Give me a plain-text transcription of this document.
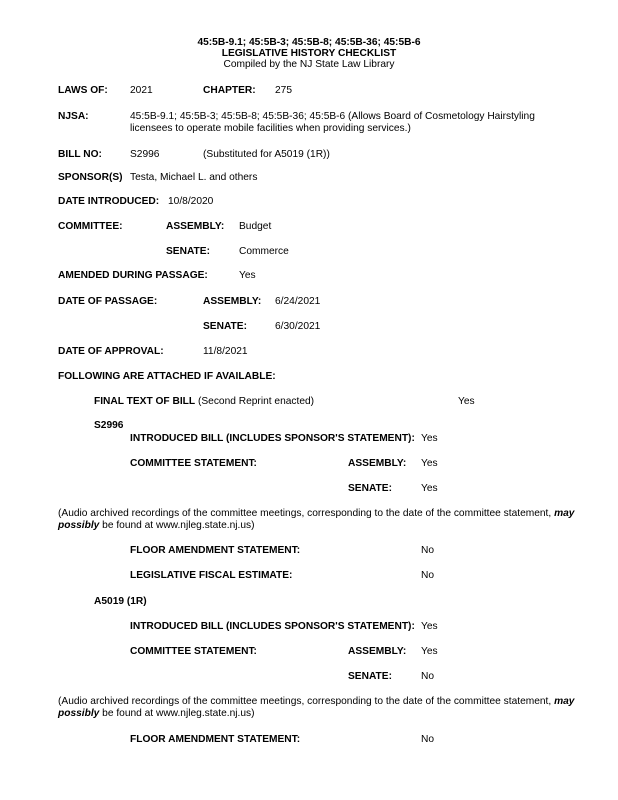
45:5B-9.1; 45:5B-3; 45:5B-8; 45:5B-36; 45:5B-6
LEGISLATIVE HISTORY CHECKLIST
Compiled by the NJ State Law Library
LAWS OF: 2021	CHAPTER: 275
NJSA:	45:5B-9.1; 45:5B-3; 45:5B-8; 45:5B-36; 45:5B-6 (Allows Board of Cosmetology Hairstyling licensees to operate mobile facilities when providing services.)
BILL NO:	S2996	(Substituted for A5019 (1R))
SPONSOR(S) Testa, Michael L. and others
DATE INTRODUCED: 10/8/2020
COMMITTEE:	ASSEMBLY: Budget
SENATE:	Commerce
AMENDED DURING PASSAGE:	Yes
DATE OF PASSAGE:	ASSEMBLY: 6/24/2021
SENATE:	6/30/2021
DATE OF APPROVAL:	11/8/2021
FOLLOWING ARE ATTACHED IF AVAILABLE:
FINAL TEXT OF BILL (Second Reprint enacted)	Yes
S2996
INTRODUCED BILL (INCLUDES SPONSOR'S STATEMENT): Yes
COMMITTEE STATEMENT:	ASSEMBLY: Yes
SENATE:	Yes
(Audio archived recordings of the committee meetings, corresponding to the date of the committee statement, may
possibly be found at www.njleg.state.nj.us)
FLOOR AMENDMENT STATEMENT:	No
LEGISLATIVE FISCAL ESTIMATE:	No
A5019 (1R)
INTRODUCED BILL (INCLUDES SPONSOR'S STATEMENT): Yes
COMMITTEE STATEMENT:	ASSEMBLY: Yes
SENATE:	No
(Audio archived recordings of the committee meetings, corresponding to the date of the committee statement, may
possibly be found at www.njleg.state.nj.us)
FLOOR AMENDMENT STATEMENT:	No
